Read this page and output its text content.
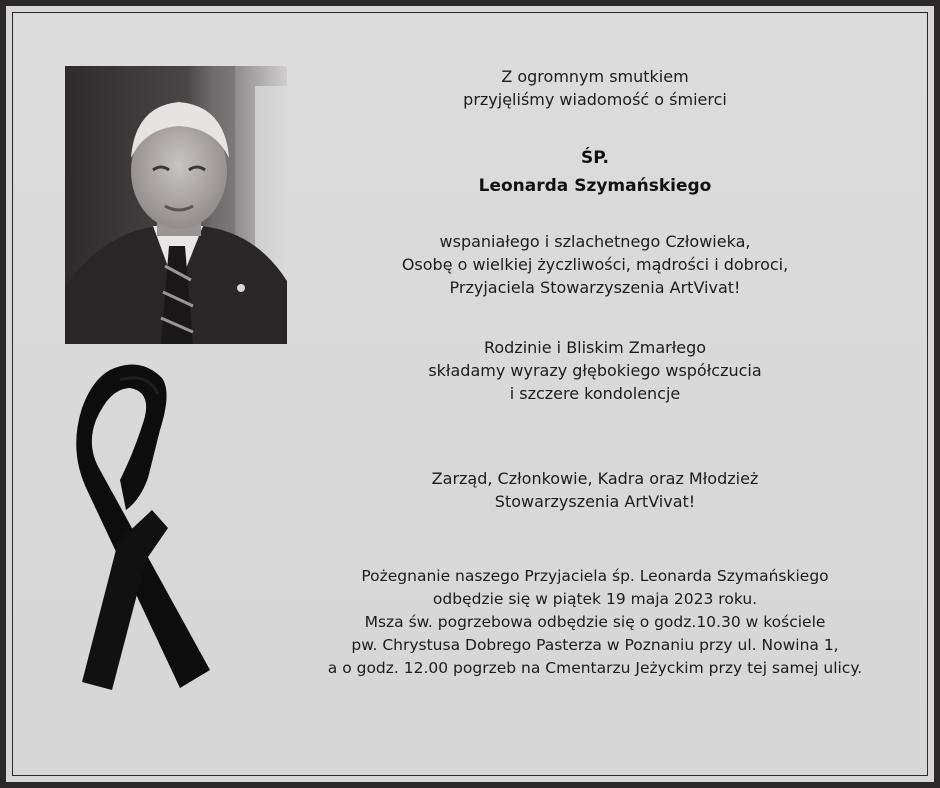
Z ogromnym smutkiem
przyjęliśmy wiadomość o śmierci
ŚP.
Leonarda Szymańskiego
wspaniałego i szlachetnego Człowieka,
Osobę o wielkiej życzliwości, mądrości i dobroci,
Przyjaciela Stowarzyszenia ArtVivat!
Rodzinie i Bliskim Zmarłego
składamy wyrazy głębokiego współczucia
i szczere kondolencje
Zarząd, Członkowie, Kadra oraz Młodzież
Stowarzyszenia ArtVivat!
Pożegnanie naszego Przyjaciela śp. Leonarda Szymańskiego
odbędzie się w piątek 19 maja 2023 roku.
Msza św. pogrzebowa odbędzie się o godz.10.30 w kościele
pw. Chrystusa Dobrego Pasterza w Poznaniu przy ul. Nowina 1,
a o godz. 12.00 pogrzeb na Cmentarzu Jeżyckim przy tej samej ulicy.
